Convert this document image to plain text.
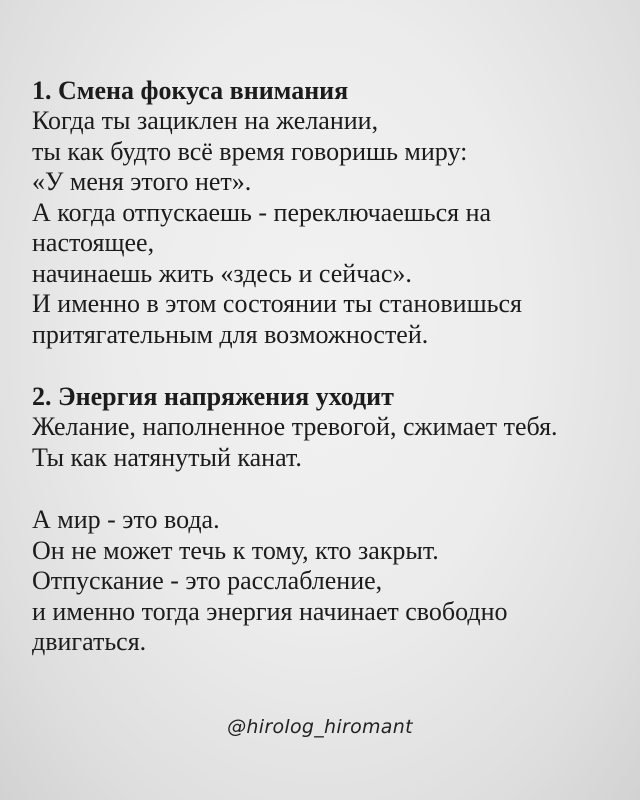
1. Смена фокуса внимания

Когда ты зациклен на желании,

ты как будто всё время говоришь миру:

«У меня этого нет».

А когда отпускаешь - переключаешься на

настоящее,

начинаешь жить «здесь и сейчас».

И именно в этом состоянии ты становишься

притягательным для возможностей.

2. Энергия напряжения уходит

Желание, наполненное тревогой, сжимает тебя.

Ты как натянутый канат.

А мир - это вода.

Он не может течь к тому, кто закрыт.

Отпускание - это расслабление,

и именно тогда энергия начинает свободно

двигаться.

@hirolog_hiromant
